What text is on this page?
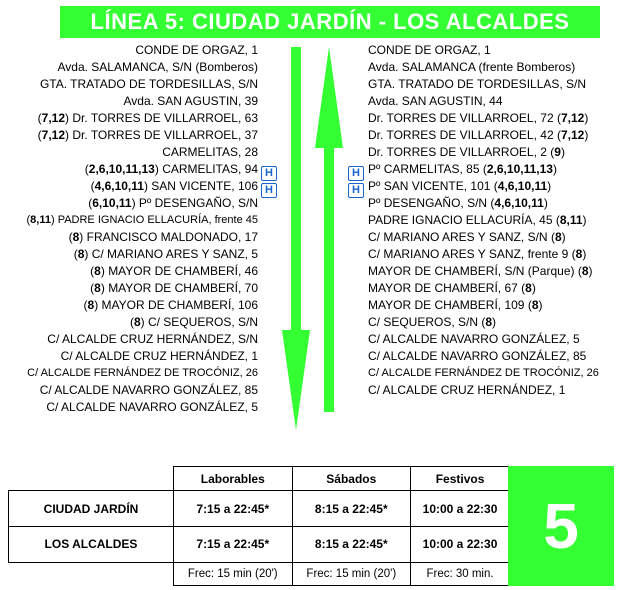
LÍNEA 5: CIUDAD JARDÍN - LOS ALCALDES
CONDE DE ORGAZ, 1
Avda. SALAMANCA, S/N (Bomberos)
GTA. TRATADO DE TORDESILLAS, S/N
Avda. SAN AGUSTIN, 39
(7,12) Dr. TORRES DE VILLARROEL, 63
(7,12) Dr. TORRES DE VILLARROEL, 37
CARMELITAS, 28
(2,6,10,11,13) CARMELITAS, 94
(4,6,10,11) SAN VICENTE, 106
(6,10,11) Pº DESENGAÑO, S/N
(8,11) PADRE IGNACIO ELLACURÍA, frente 45
(8) FRANCISCO MALDONADO, 17
(8) C/ MARIANO ARES Y SANZ, 5
(8) MAYOR DE CHAMBERÍ, 46
(8) MAYOR DE CHAMBERÍ, 70
(8) MAYOR DE CHAMBERÍ, 106
(8) C/ SEQUEROS, S/N
C/ ALCALDE CRUZ HERNÁNDEZ, S/N
C/ ALCALDE CRUZ HERNÁNDEZ, 1
C/ ALCALDE FERNÁNDEZ DE TROCÓNIZ, 26
C/ ALCALDE NAVARRO GONZÁLEZ, 85
C/ ALCALDE NAVARRO GONZÁLEZ, 5
CONDE DE ORGAZ, 1
Avda. SALAMANCA (frente Bomberos)
GTA. TRATADO DE TORDESILLAS, S/N
Avda. SAN AGUSTIN, 44
Dr. TORRES DE VILLARROEL, 72 (7,12)
Dr. TORRES DE VILLARROEL, 42 (7,12)
Dr. TORRES DE VILLARROEL, 2 (9)
Pº CARMELITAS, 85 (2,6,10,11,13)
Pº SAN VICENTE, 101 (4,6,10,11)
Pº DESENGAÑO, S/N (4,6,10,11)
PADRE IGNACIO ELLACURÍA, 45 (8,11)
C/ MARIANO ARES Y SANZ, S/N (8)
C/ MARIANO ARES Y SANZ, frente 9 (8)
MAYOR DE CHAMBERÍ, S/N (Parque) (8)
MAYOR DE CHAMBERÍ, 67 (8)
MAYOR DE CHAMBERÍ, 109 (8)
C/ SEQUEROS, S/N (8)
C/ ALCALDE NAVARRO GONZÁLEZ, 5
C/ ALCALDE NAVARRO GONZÁLEZ, 85
C/ ALCALDE FERNÁNDEZ DE TROCÓNIZ, 26
C/ ALCALDE CRUZ HERNÁNDEZ, 1
H
H
H
H
	Laborables	Sábados	Festivos
CIUDAD JARDÍN	7:15 a 22:45*	8:15 a 22:45*	10:00 a 22:30
LOS ALCALDES	7:15 a 22:45*	8:15 a 22:45*	10:00 a 22:30
	Frec: 15 min (20')	Frec: 15 min (20')	Frec: 30 min.
5
